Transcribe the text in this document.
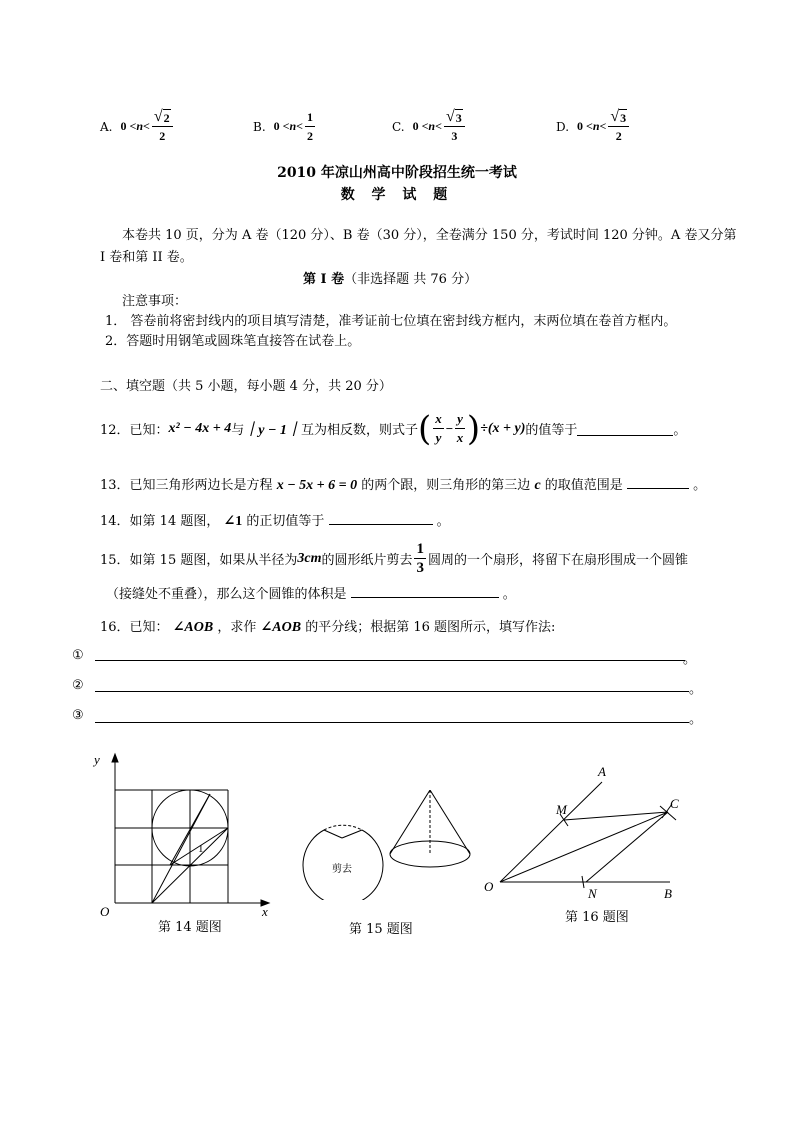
A. $0 < n < \frac{√ 2}{2}$	B. $0 < n < \frac{1}{2}$	C. $0 < n < \frac{√ 3}{3}$	D. $0 < n < \frac{√ 3}{2}$
2010 年凉山州高中阶段招生统一考试
数 学 试 题
本卷共 10 页，分为 A 卷（120 分）、B 卷（30 分），全卷满分 150 分，考试时间 120 分钟。A 卷又分第
Ⅰ 卷和第 II 卷。
第 Ⅰ 卷（非选择题 共 76 分）
注意事项：
1． 答卷前将密封线内的项目填写清楚，准考证前七位填在密封线方框内，末两位填在卷首方框内。
2．答题时用钢笔或圆珠笔直接答在试卷上。
二、填空题（共 5 小题，每小题 4 分，共 20 分）
12．已知： x² − 4x + 4 与 ｜y − 1｜ 互为相反数，则式子 ( $\frac{x}{y} - \frac{y}{x}$ ) ÷(x + y) 的值等于	。
13．已知三角形两边长是方程 x − 5x + 6 = 0 的两个跟，则三角形的第三边 c 的取值范围是	。
14．如第 14 题图， ∠1 的正切值等于	。
15．如第 15 题图，如果从半径为 3cm 的圆形纸片剪去 $\frac{1}{3}$ 圆周的一个扇形，将留下在扇形围成一个圆锥
（接缝处不重叠），那么这个圆锥的体积是	。
16．已知： ∠AOB ，求作 ∠AOB 的平分线；根据第 16 题图所示，填写作法:
①	。
②	。
③	。
y
x
O
1
第 14 题图
剪去
第 15 题图
A
C
M
N
O	B
第 16 题图
